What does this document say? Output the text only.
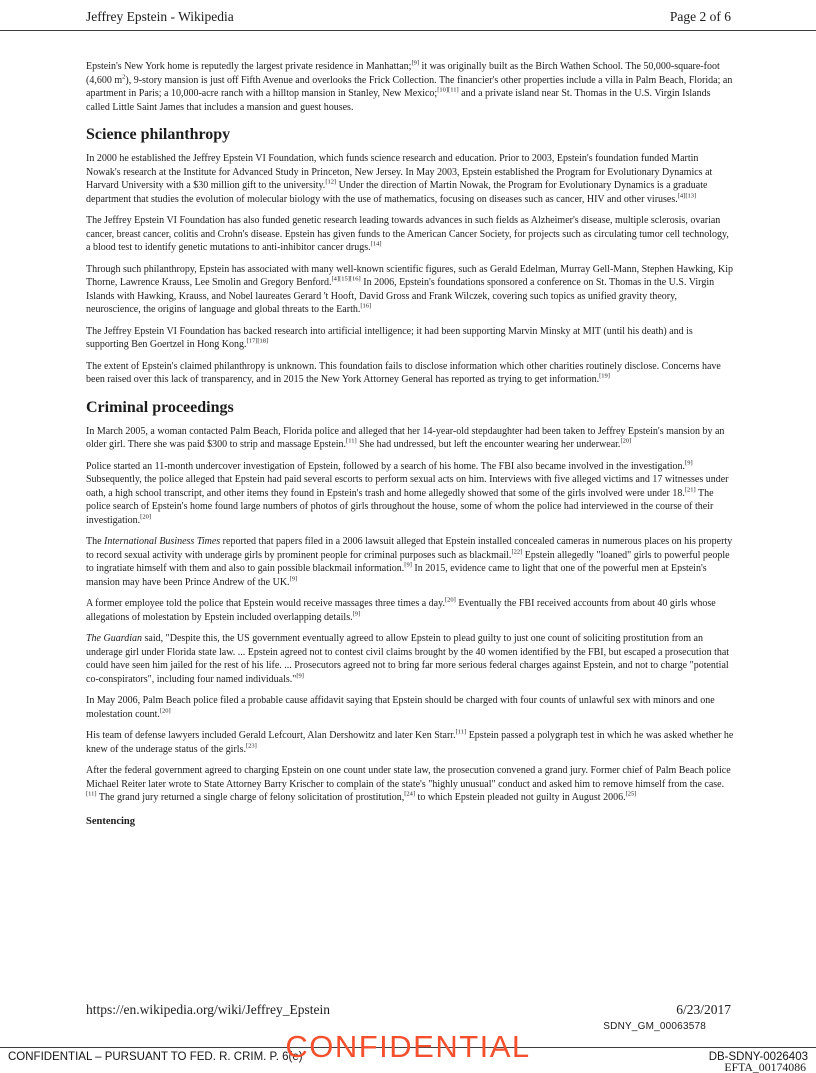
Jeffrey Epstein - Wikipedia	Page 2 of 6

Epstein's New York home is reputedly the largest private residence in Manhattan;[9] it was originally built as the Birch Wathen School. The 50,000-square-foot (4,600 $m^2$), 9-story mansion is just off Fifth Avenue and overlooks the Frick Collection. The financier's other properties include a villa in Palm Beach, Florida; an apartment in Paris; a 10,000-acre ranch with a hilltop mansion in Stanley, New Mexico;[10][11] and a private island near St. Thomas in the U.S. Virgin Islands called Little Saint James that includes a mansion and guest houses.

Science philanthropy

In 2000 he established the Jeffrey Epstein VI Foundation, which funds science research and education. Prior to 2003, Epstein's foundation funded Martin Nowak's research at the Institute for Advanced Study in Princeton, New Jersey. In May 2003, Epstein established the Program for Evolutionary Dynamics at Harvard University with a $30 million gift to the university.[12] Under the direction of Martin Nowak, the Program for Evolutionary Dynamics is a graduate department that studies the evolution of molecular biology with the use of mathematics, focusing on diseases such as cancer, HIV and other viruses.[4][13]

The Jeffrey Epstein VI Foundation has also funded genetic research leading towards advances in such fields as Alzheimer's disease, multiple sclerosis, ovarian cancer, breast cancer, colitis and Crohn's disease. Epstein has given funds to the American Cancer Society, for projects such as circulating tumor cell technology, a blood test to identify genetic mutations to anti-inhibitor cancer drugs.[14]

Through such philanthropy, Epstein has associated with many well-known scientific figures, such as Gerald Edelman, Murray Gell-Mann, Stephen Hawking, Kip Thorne, Lawrence Krauss, Lee Smolin and Gregory Benford.[4][15][16] In 2006, Epstein's foundations sponsored a conference on St. Thomas in the U.S. Virgin Islands with Hawking, Krauss, and Nobel laureates Gerard 't Hooft, David Gross and Frank Wilczek, covering such topics as unified gravity theory, neuroscience, the origins of language and global threats to the Earth.[16]

The Jeffrey Epstein VI Foundation has backed research into artificial intelligence; it had been supporting Marvin Minsky at MIT (until his death) and is supporting Ben Goertzel in Hong Kong.[17][18]

The extent of Epstein's claimed philanthropy is unknown. This foundation fails to disclose information which other charities routinely disclose. Concerns have been raised over this lack of transparency, and in 2015 the New York Attorney General has reported as trying to get information.[19]

Criminal proceedings

In March 2005, a woman contacted Palm Beach, Florida police and alleged that her 14-year-old stepdaughter had been taken to Jeffrey Epstein's mansion by an older girl. There she was paid $300 to strip and massage Epstein.[11] She had undressed, but left the encounter wearing her underwear.[20]

Police started an 11-month undercover investigation of Epstein, followed by a search of his home. The FBI also became involved in the investigation.[9] Subsequently, the police alleged that Epstein had paid several escorts to perform sexual acts on him. Interviews with five alleged victims and 17 witnesses under oath, a high school transcript, and other items they found in Epstein's trash and home allegedly showed that some of the girls involved were under 18.[21] The police search of Epstein's home found large numbers of photos of girls throughout the house, some of whom the police had interviewed in the course of their investigation.[20]

The International Business Times reported that papers filed in a 2006 lawsuit alleged that Epstein installed concealed cameras in numerous places on his property to record sexual activity with underage girls by prominent people for criminal purposes such as blackmail.[22] Epstein allegedly "loaned" girls to powerful people to ingratiate himself with them and also to gain possible blackmail information.[9] In 2015, evidence came to light that one of the powerful men at Epstein's mansion may have been Prince Andrew of the UK.[9]

A former employee told the police that Epstein would receive massages three times a day.[20] Eventually the FBI received accounts from about 40 girls whose allegations of molestation by Epstein included overlapping details.[9]

The Guardian said, "Despite this, the US government eventually agreed to allow Epstein to plead guilty to just one count of soliciting prostitution from an underage girl under Florida state law. ... Epstein agreed not to contest civil claims brought by the 40 women identified by the FBI, but escaped a prosecution that could have seen him jailed for the rest of his life. ... Prosecutors agreed not to bring far more serious federal charges against Epstein, and not to charge "potential co-conspirators", including four named individuals."[9]

In May 2006, Palm Beach police filed a probable cause affidavit saying that Epstein should be charged with four counts of unlawful sex with minors and one molestation count.[20]

His team of defense lawyers included Gerald Lefcourt, Alan Dershowitz and later Ken Starr.[11] Epstein passed a polygraph test in which he was asked whether he knew of the underage status of the girls.[23]

After the federal government agreed to charging Epstein on one count under state law, the prosecution convened a grand jury. Former chief of Palm Beach police Michael Reiter later wrote to State Attorney Barry Krischer to complain of the state's "highly unusual" conduct and asked him to remove himself from the case.[11] The grand jury returned a single charge of felony solicitation of prostitution,[24] to which Epstein pleaded not guilty in August 2006.[25]

Sentencing
https://en.wikipedia.org/wiki/Jeffrey_Epstein	6/23/2017
SDNY_GM_00063578
CONFIDENTIAL
CONFIDENTIAL – PURSUANT TO FED. R. CRIM. P. 6(e)	DB-SDNY-0026403
EFTA_00174086
